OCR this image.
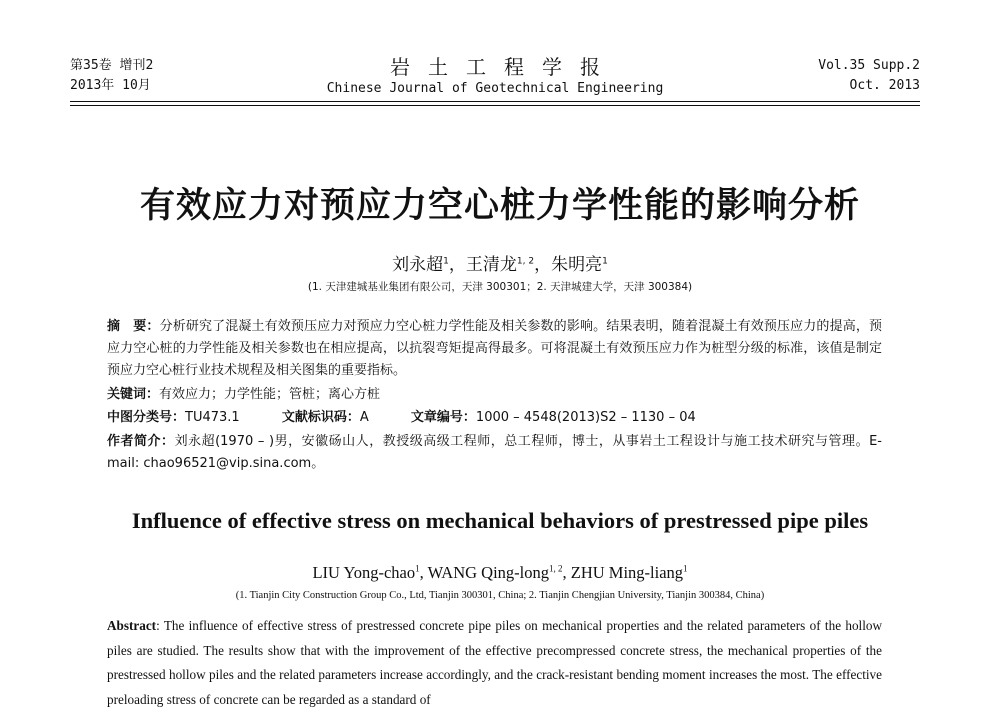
第35卷 增刊2
2013年 10月
岩土工程学报
Chinese Journal of Geotechnical Engineering
Vol.35 Supp.2
Oct. 2013
有效应力对预应力空心桩力学性能的影响分析
刘永超$^1$，王清龙$^{1, 2}$，朱明亮$^1$
(1. 天津建城基业集团有限公司，天津 300301；2. 天津城建大学，天津 300384)
摘　要：分析研究了混凝土有效预压应力对预应力空心桩力学性能及相关参数的影响。结果表明，随着混凝土有效预压应力的提高，预应力空心桩的力学性能及相关参数也在相应提高，以抗裂弯矩提高得最多。可将混凝土有效预压应力作为桩型分级的标准，该值是制定预应力空心桩行业技术规程及相关图集的重要指标。
关键词：有效应力；力学性能；管桩；离心方桩
中图分类号：TU473.1	文献标识码：A	文章编号：1000 – 4548(2013)S2 – 1130 – 04
作者简介：刘永超(1970 – )男，安徽砀山人，教授级高级工程师，总工程师，博士，从事岩土工程设计与施工技术研究与管理。E-mail: chao96521@vip.sina.com。
Influence of effective stress on mechanical behaviors of prestressed pipe piles
LIU Yong-chao$^1$, WANG Qing-long$^{1, 2}$, ZHU Ming-liang$^1$
(1. Tianjin City Construction Group Co., Ltd, Tianjin 300301, China; 2. Tianjin Chengjian University, Tianjin 300384, China)
Abstract: The influence of effective stress of prestressed concrete pipe piles on mechanical properties and the related parameters of the hollow piles are studied. The results show that with the improvement of the effective precompressed concrete stress, the mechanical properties of the prestressed hollow piles and the related parameters increase accordingly, and the crack-resistant bending moment increases the most. The effective preloading stress of concrete can be regarded as a standard of
